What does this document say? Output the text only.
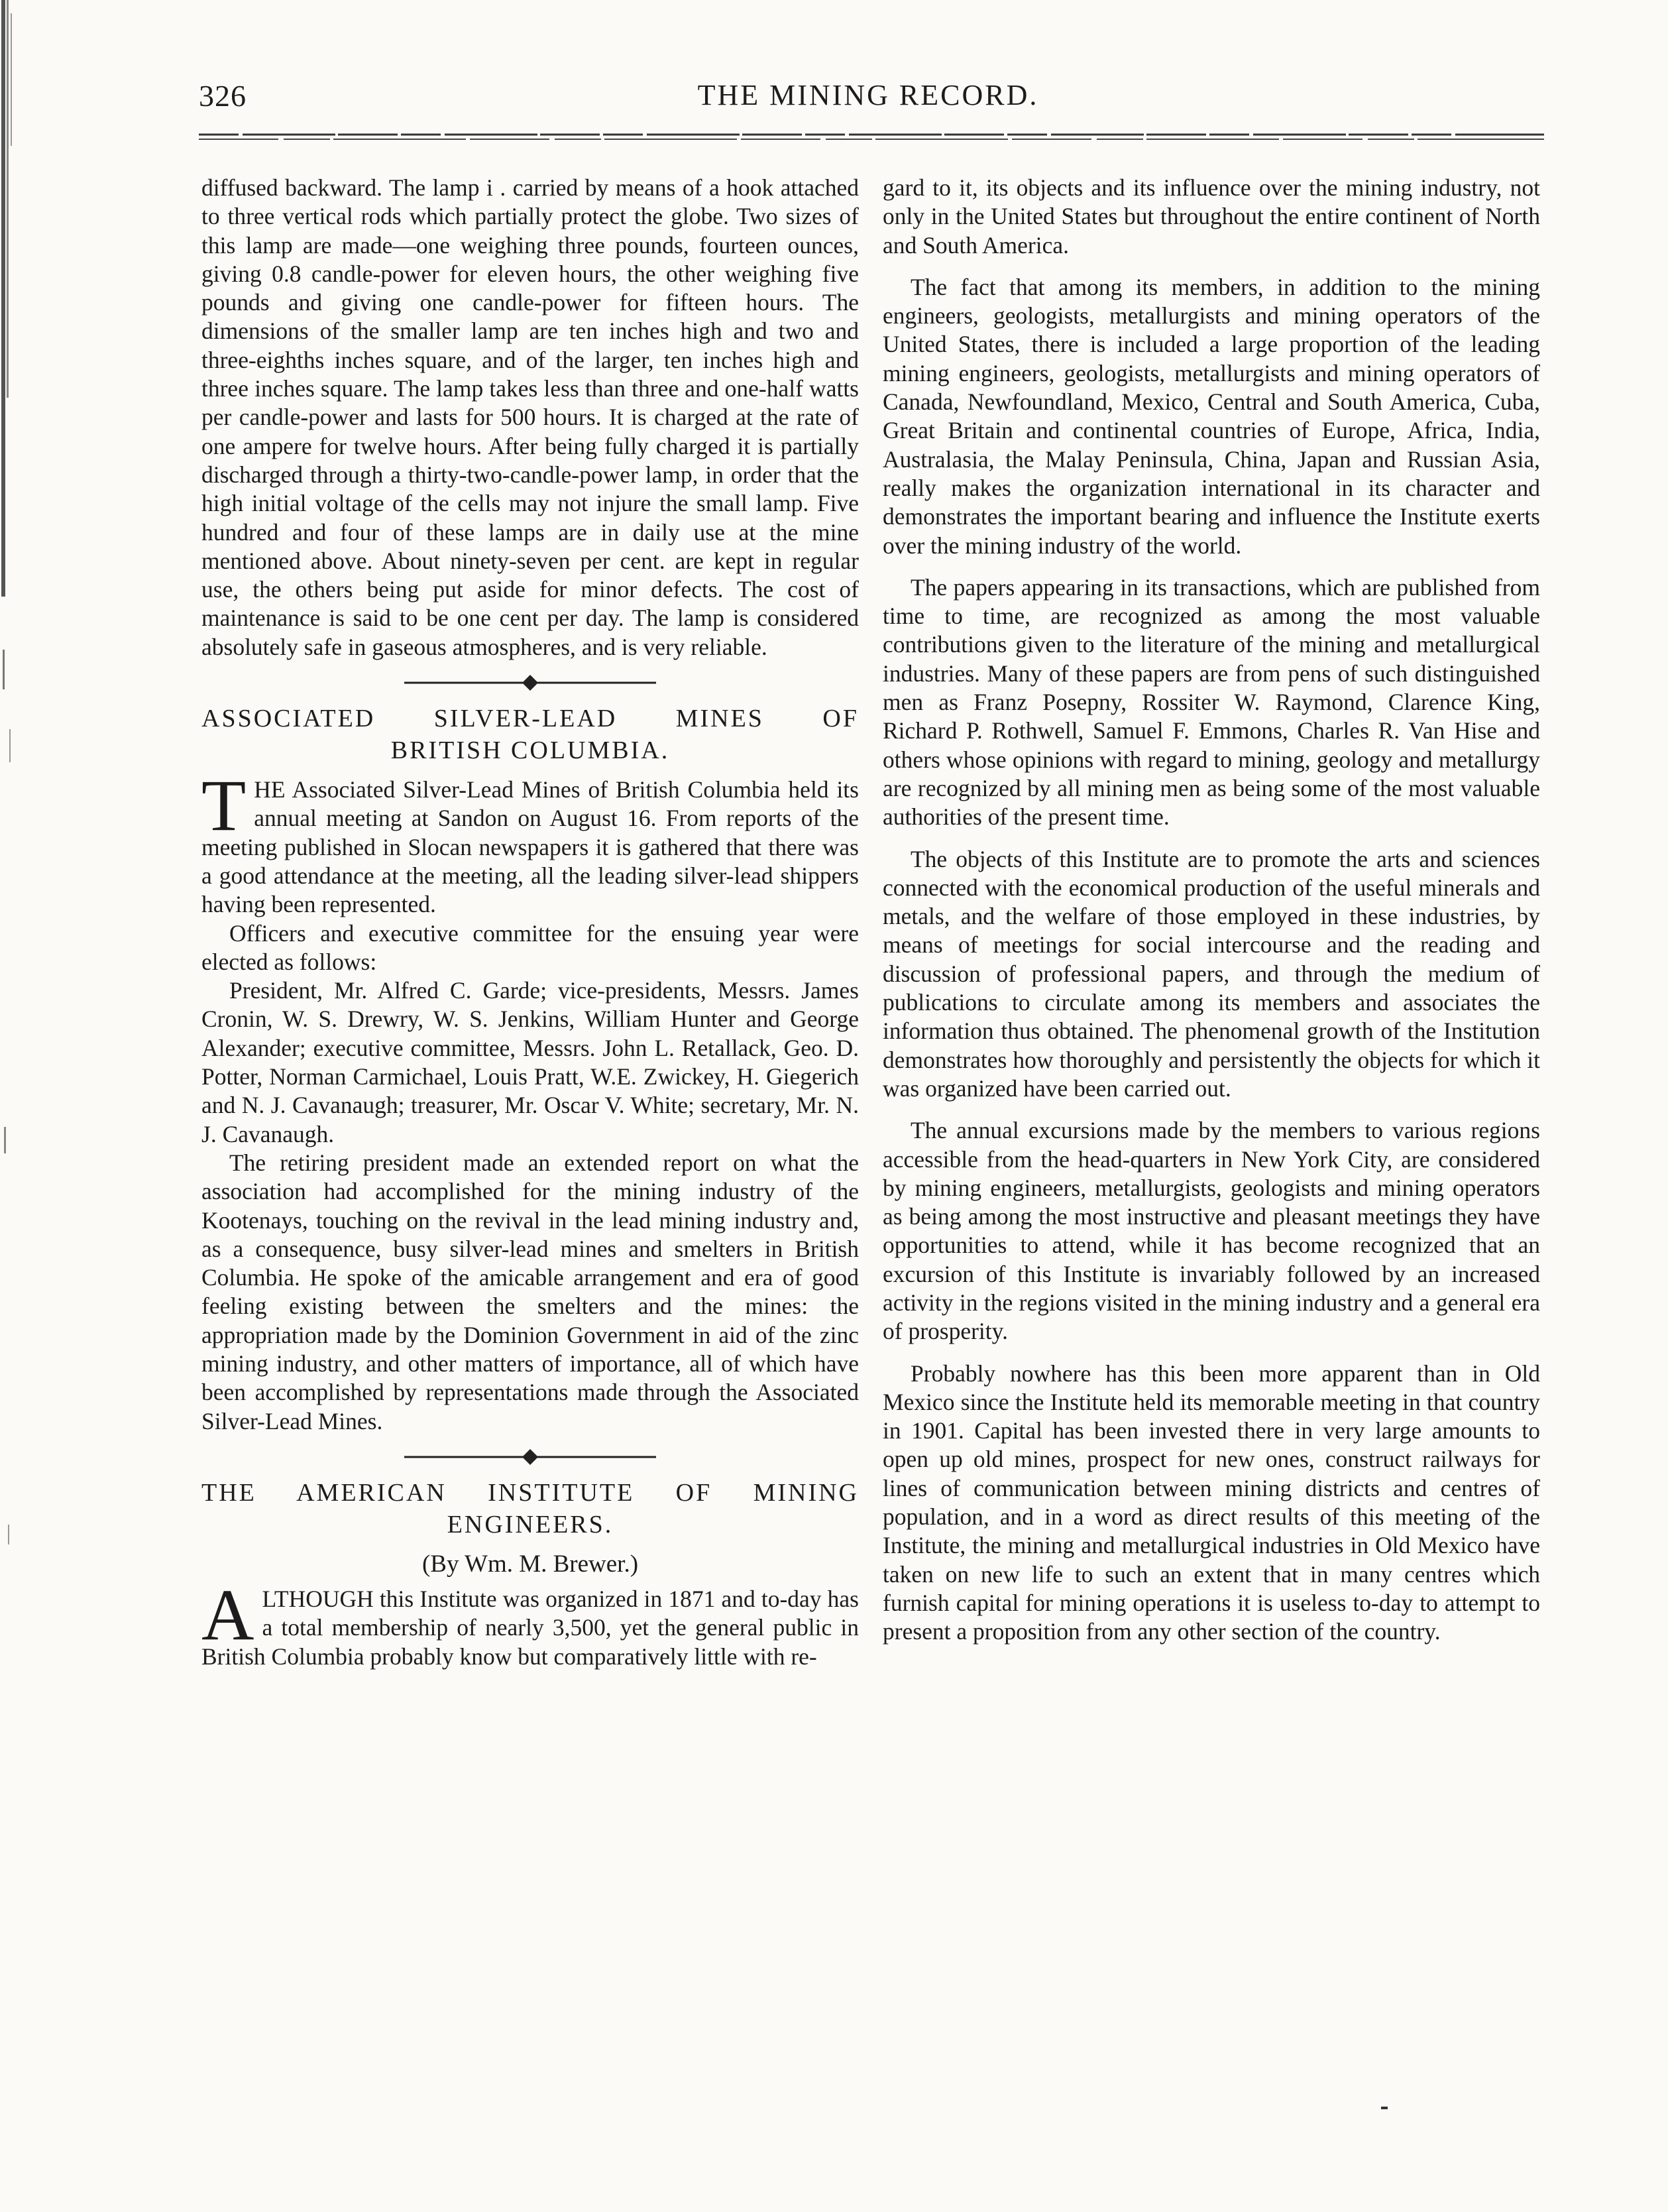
326	THE MINING RECORD.

diffused backward. The lamp i . carried by means of a hook attached to three vertical rods which partially protect the globe. Two sizes of this lamp are made—one weighing three pounds, fourteen ounces, giving 0.8 candle-power for eleven hours, the other weighing five pounds and giving one candle-power for fifteen hours. The dimensions of the smaller lamp are ten inches high and two and three-eighths inches square, and of the larger, ten inches high and three inches square. The lamp takes less than three and one-half watts per candle-power and lasts for 500 hours. It is charged at the rate of one ampere for twelve hours. After being fully charged it is partially discharged through a thirty-two-candle-power lamp, in order that the high initial voltage of the cells may not injure the small lamp. Five hundred and four of these lamps are in daily use at the mine mentioned above. About ninety-seven per cent. are kept in regular use, the others being put aside for minor defects. The cost of maintenance is said to be one cent per day. The lamp is considered absolutely safe in gaseous atmospheres, and is very reliable.

ASSOCIATED SILVER-LEAD MINES OF
BRITISH COLUMBIA.

THE Associated Silver-Lead Mines of British Columbia held its annual meeting at Sandon on August 16. From reports of the meeting published in Slocan newspapers it is gathered that there was a good attendance at the meeting, all the leading silver-lead shippers having been represented.

Officers and executive committee for the ensuing year were elected as follows:

President, Mr. Alfred C. Garde; vice-presidents, Messrs. James Cronin, W. S. Drewry, W. S. Jenkins, William Hunter and George Alexander; executive committee, Messrs. John L. Retallack, Geo. D. Potter, Norman Carmichael, Louis Pratt, W.E. Zwickey, H. Giegerich and N. J. Cavanaugh; treasurer, Mr. Oscar V. White; secretary, Mr. N. J. Cavanaugh.

The retiring president made an extended report on what the association had accomplished for the mining industry of the Kootenays, touching on the revival in the lead mining industry and, as a consequence, busy silver-lead mines and smelters in British Columbia. He spoke of the amicable arrangement and era of good feeling existing between the smelters and the mines: the appropriation made by the Dominion Government in aid of the zinc mining industry, and other matters of importance, all of which have been accomplished by representations made through the Associated Silver-Lead Mines.

THE AMERICAN INSTITUTE OF MINING
ENGINEERS.
(By Wm. M. Brewer.)

ALTHOUGH this Institute was organized in 1871 and to-day has a total membership of nearly 3,500, yet the general public in British Columbia probably know but comparatively little with re-

gard to it, its objects and its influence over the mining industry, not only in the United States but throughout the entire continent of North and South America.

The fact that among its members, in addition to the mining engineers, geologists, metallurgists and mining operators of the United States, there is included a large proportion of the leading mining engineers, geologists, metallurgists and mining operators of Canada, Newfoundland, Mexico, Central and South America, Cuba, Great Britain and continental countries of Europe, Africa, India, Australasia, the Malay Peninsula, China, Japan and Russian Asia, really makes the organization international in its character and demonstrates the important bearing and influence the Institute exerts over the mining industry of the world.

The papers appearing in its transactions, which are published from time to time, are recognized as among the most valuable contributions given to the literature of the mining and metallurgical industries. Many of these papers are from pens of such distinguished men as Franz Posepny, Rossiter W. Raymond, Clarence King, Richard P. Rothwell, Samuel F. Emmons, Charles R. Van Hise and others whose opinions with regard to mining, geology and metallurgy are recognized by all mining men as being some of the most valuable authorities of the present time.

The objects of this Institute are to promote the arts and sciences connected with the economical production of the useful minerals and metals, and the welfare of those employed in these industries, by means of meetings for social intercourse and the reading and discussion of professional papers, and through the medium of publications to circulate among its members and associates the information thus obtained. The phenomenal growth of the Institution demonstrates how thoroughly and persistently the objects for which it was organized have been carried out.

The annual excursions made by the members to various regions accessible from the head-quarters in New York City, are considered by mining engineers, metallurgists, geologists and mining operators as being among the most instructive and pleasant meetings they have opportunities to attend, while it has become recognized that an excursion of this Institute is invariably followed by an increased activity in the regions visited in the mining industry and a general era of prosperity.

Probably nowhere has this been more apparent than in Old Mexico since the Institute held its memorable meeting in that country in 1901. Capital has been invested there in very large amounts to open up old mines, prospect for new ones, construct railways for lines of communication between mining districts and centres of population, and in a word as direct results of this meeting of the Institute, the mining and metallurgical industries in Old Mexico have taken on new life to such an extent that in many centres which furnish capital for mining operations it is useless to-day to attempt to present a proposition from any other section of the country.
